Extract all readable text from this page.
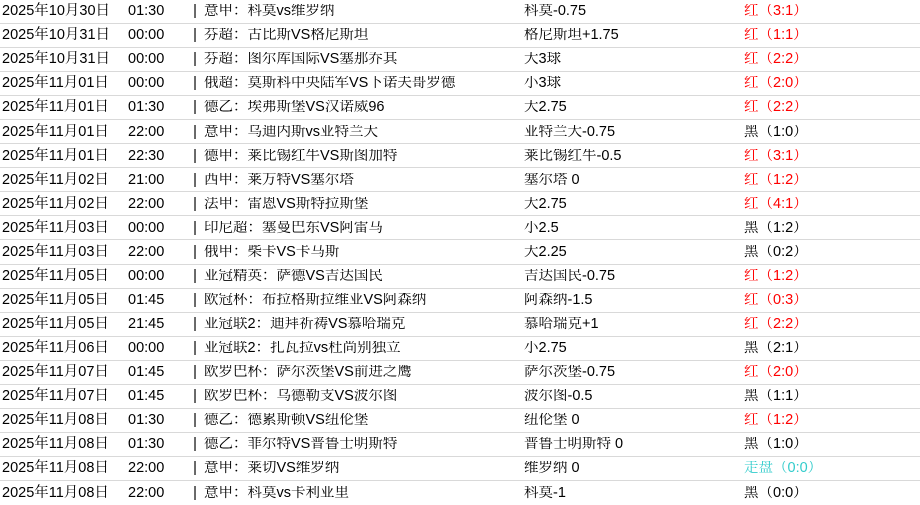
2025年10月30日	01:30	| 意甲：科莫vs维罗纳	科莫-0.75	红（3:1）
2025年10月31日	00:00	| 芬超：古比斯VS格尼斯坦	格尼斯坦+1.75	红（1:1）
2025年10月31日	00:00	| 芬超：图尔库国际VS塞那乔其	大3球	红（2:2）
2025年11月01日	00:00	| 俄超：莫斯科中央陆军VS下诺夫哥罗德	小3球	红（2:0）
2025年11月01日	01:30	| 德乙：埃弗斯堡VS汉诺威96	大2.75	红（2:2）
2025年11月01日	22:00	| 意甲：乌迪内斯vs亚特兰大	亚特兰大-0.75	黑（1:0）
2025年11月01日	22:30	| 德甲：莱比锡红牛VS斯图加特	莱比锡红牛-0.5	红（3:1）
2025年11月02日	21:00	| 西甲：莱万特VS塞尔塔	塞尔塔 0	红（1:2）
2025年11月02日	22:00	| 法甲：雷恩VS斯特拉斯堡	大2.75	红（4:1）
2025年11月03日	00:00	| 印尼超：塞曼巴东VS阿雷马	小2.5	黑（1:2）
2025年11月03日	22:00	| 俄甲：柴卡VS卡马斯	大2.25	黑（0:2）
2025年11月05日	00:00	| 亚冠精英：萨德VS吉达国民	吉达国民-0.75	红（1:2）
2025年11月05日	01:45	| 欧冠杯：布拉格斯拉维亚VS阿森纳	阿森纳-1.5	红（0:3）
2025年11月05日	21:45	| 亚冠联2：迪拜祈祷VS慕哈瑞克	慕哈瑞克+1	红（2:2）
2025年11月06日	00:00	| 亚冠联2：扎瓦拉vs杜尚别独立	小2.75	黑（2:1）
2025年11月07日	01:45	| 欧罗巴杯：萨尔茨堡VS前进之鹰	萨尔茨堡-0.75	红（2:0）
2025年11月07日	01:45	| 欧罗巴杯：乌德勒支VS波尔图	波尔图-0.5	黑（1:1）
2025年11月08日	01:30	| 德乙：德累斯顿VS纽伦堡	纽伦堡 0	红（1:2）
2025年11月08日	01:30	| 德乙：菲尔特VS普鲁士明斯特	普鲁士明斯特 0	黑（1:0）
2025年11月08日	22:00	| 意甲：莱切VS维罗纳	维罗纳 0	走盘（0:0）
2025年11月08日	22:00	| 意甲：科莫vs卡利亚里	科莫-1	黑（0:0）
